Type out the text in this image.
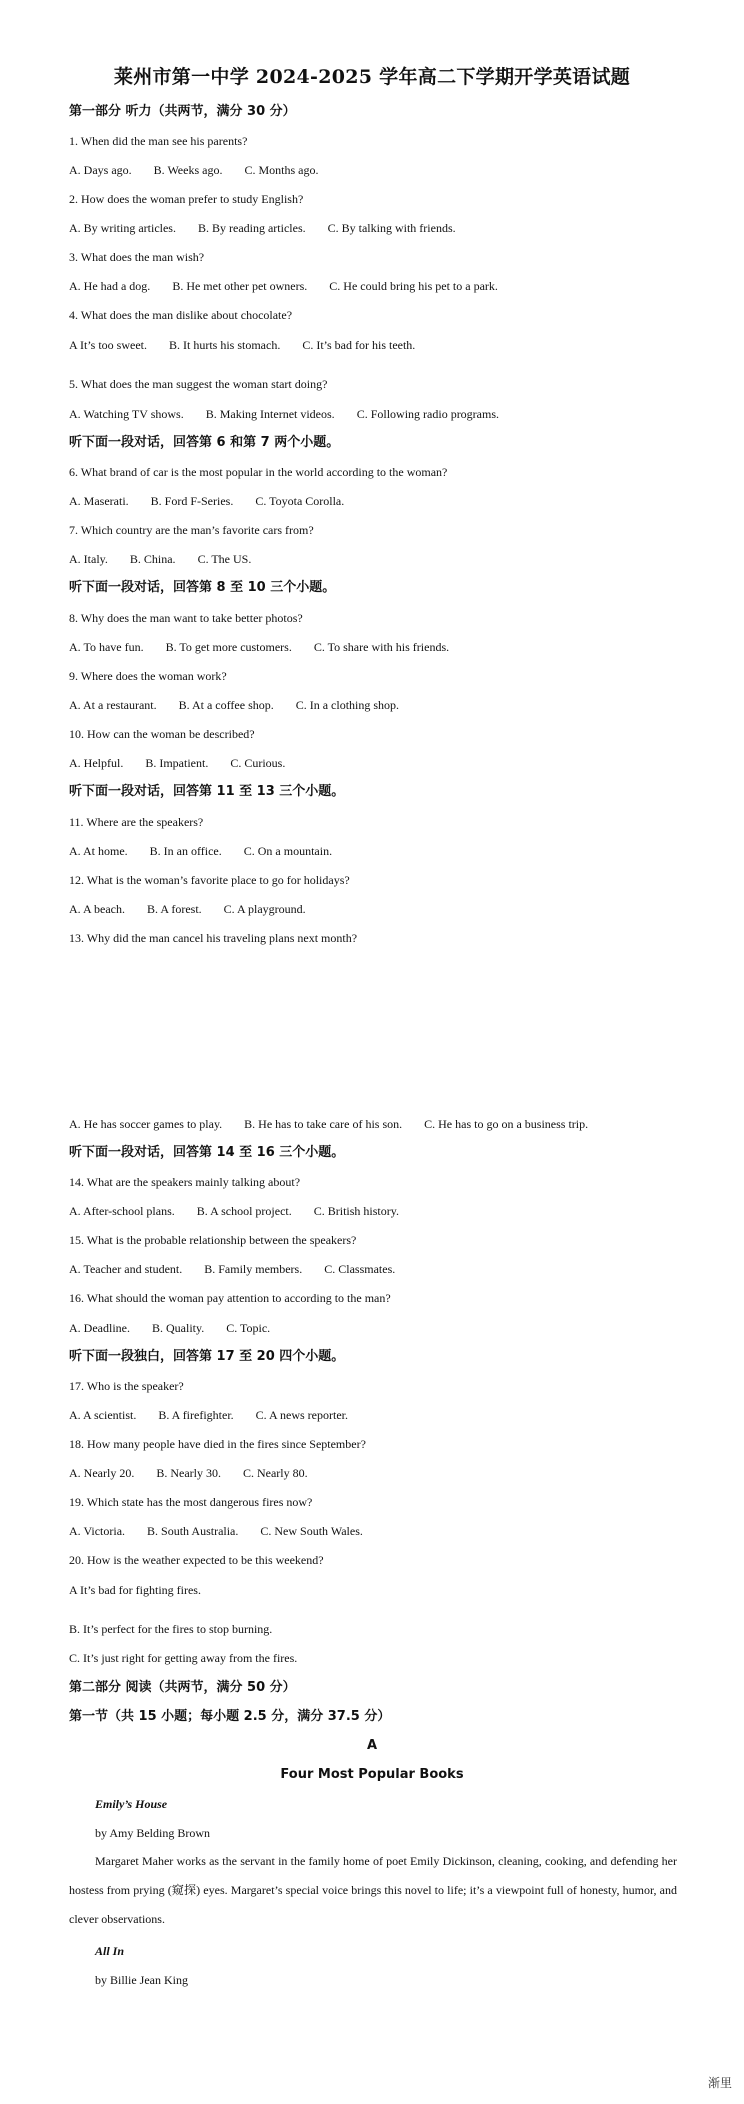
莱州市第一中学 2024-2025 学年高二下学期开学英语试题
第一部分 听力（共两节，满分 30 分）
1. When did the man see his parents?
A. Days ago. B. Weeks ago. C. Months ago.
2. How does the woman prefer to study English?
A. By writing articles. B. By reading articles. C. By talking with friends.
3. What does the man wish?
A. He had a dog. B. He met other pet owners. C. He could bring his pet to a park.
4. What does the man dislike about chocolate?
A It’s too sweet. B. It hurts his stomach. C. It’s bad for his teeth.
5. What does the man suggest the woman start doing?
A. Watching TV shows. B. Making Internet videos. C. Following radio programs.
听下面一段对话，回答第 6 和第 7 两个小题。
6. What brand of car is the most popular in the world according to the woman?
A. Maserati. B. Ford F-Series. C. Toyota Corolla.
7. Which country are the man’s favorite cars from?
A. Italy. B. China. C. The US.
听下面一段对话，回答第 8 至 10 三个小题。
8. Why does the man want to take better photos?
A. To have fun. B. To get more customers. C. To share with his friends.
9. Where does the woman work?
A. At a restaurant. B. At a coffee shop. C. In a clothing shop.
10. How can the woman be described?
A. Helpful. B. Impatient. C. Curious.
听下面一段对话，回答第 11 至 13 三个小题。
11. Where are the speakers?
A. At home. B. In an office. C. On a mountain.
12. What is the woman’s favorite place to go for holidays?
A. A beach. B. A forest. C. A playground.
13. Why did the man cancel his traveling plans next month?
A. He has soccer games to play. B. He has to take care of his son. C. He has to go on a business trip.
听下面一段对话，回答第 14 至 16 三个小题。
14. What are the speakers mainly talking about?
A. After-school plans. B. A school project. C. British history.
15. What is the probable relationship between the speakers?
A. Teacher and student. B. Family members. C. Classmates.
16. What should the woman pay attention to according to the man?
A. Deadline. B. Quality. C. Topic.
听下面一段独白，回答第 17 至 20 四个小题。
17. Who is the speaker?
A. A scientist. B. A firefighter. C. A news reporter.
18. How many people have died in the fires since September?
A. Nearly 20. B. Nearly 30. C. Nearly 80.
19. Which state has the most dangerous fires now?
A. Victoria. B. South Australia. C. New South Wales.
20. How is the weather expected to be this weekend?
A It’s bad for fighting fires.
B. It’s perfect for the fires to stop burning.
C. It’s just right for getting away from the fires.
第二部分 阅读（共两节，满分 50 分）
第一节（共 15 小题；每小题 2.5 分，满分 37.5 分）
A
Four Most Popular Books
Emily’s House
by Amy Belding Brown
Margaret Maher works as the servant in the family home of poet Emily Dickinson, cleaning, cooking, and defending her hostess from prying (窥探) eyes. Margaret’s special voice brings this novel to life; it’s a viewpoint full of honesty, humor, and clever observations.
All In
by Billie Jean King
渐里
